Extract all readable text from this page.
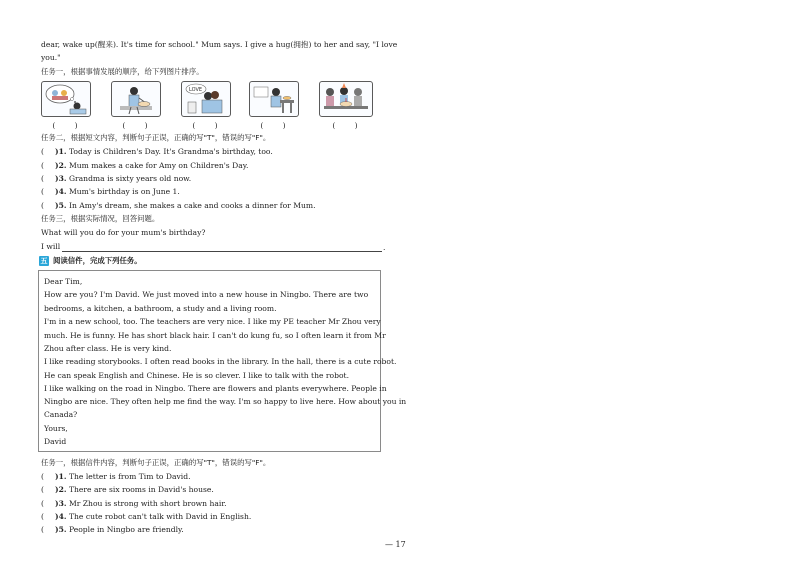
dear, wake up(醒来). It's time for school." Mum says. I give a hug(拥抱) to her and say, "I love
you."
任务一，根据事情发展的顺序，给下列图片排序。
LOVE
(        )	(        )	(        )	(        )	(        )
任务二，根据短文内容，判断句子正误，正确的写"T"，错误的写"F"。
( )1. Today is Children's Day. It's Grandma's birthday, too.
( )2. Mum makes a cake for Amy on Children's Day.
( )3. Grandma is sixty years old now.
( )4. Mum's birthday is on June 1.
( )5. In Amy's dream, she makes a cake and cooks a dinner for Mum.
任务三，根据实际情况，回答问题。
What will you do for your mum's birthday?
I will	.
五 阅读信件，完成下列任务。
Dear Tim,
How are you? I'm David. We just moved into a new house in Ningbo. There are two
bedrooms, a kitchen, a bathroom, a study and a living room.
I'm in a new school, too. The teachers are very nice. I like my PE teacher Mr Zhou very
much. He is funny. He has short black hair. I can't do kung fu, so I often learn it from Mr
Zhou after class. He is very kind.
I like reading storybooks. I often read books in the library. In the hall, there is a cute robot.
He can speak English and Chinese. He is so clever. I like to talk with the robot.
I like walking on the road in Ningbo. There are flowers and plants everywhere. People in
Ningbo are nice. They often help me find the way. I'm so happy to live here. How about you in
Canada?
Yours,
David
任务一，根据信件内容，判断句子正误，正确的写"T"，错误的写"F"。
( )1. The letter is from Tim to David.
( )2. There are six rooms in David's house.
( )3. Mr Zhou is strong with short brown hair.
( )4. The cute robot can't talk with David in English.
( )5. People in Ningbo are friendly.
— 17
